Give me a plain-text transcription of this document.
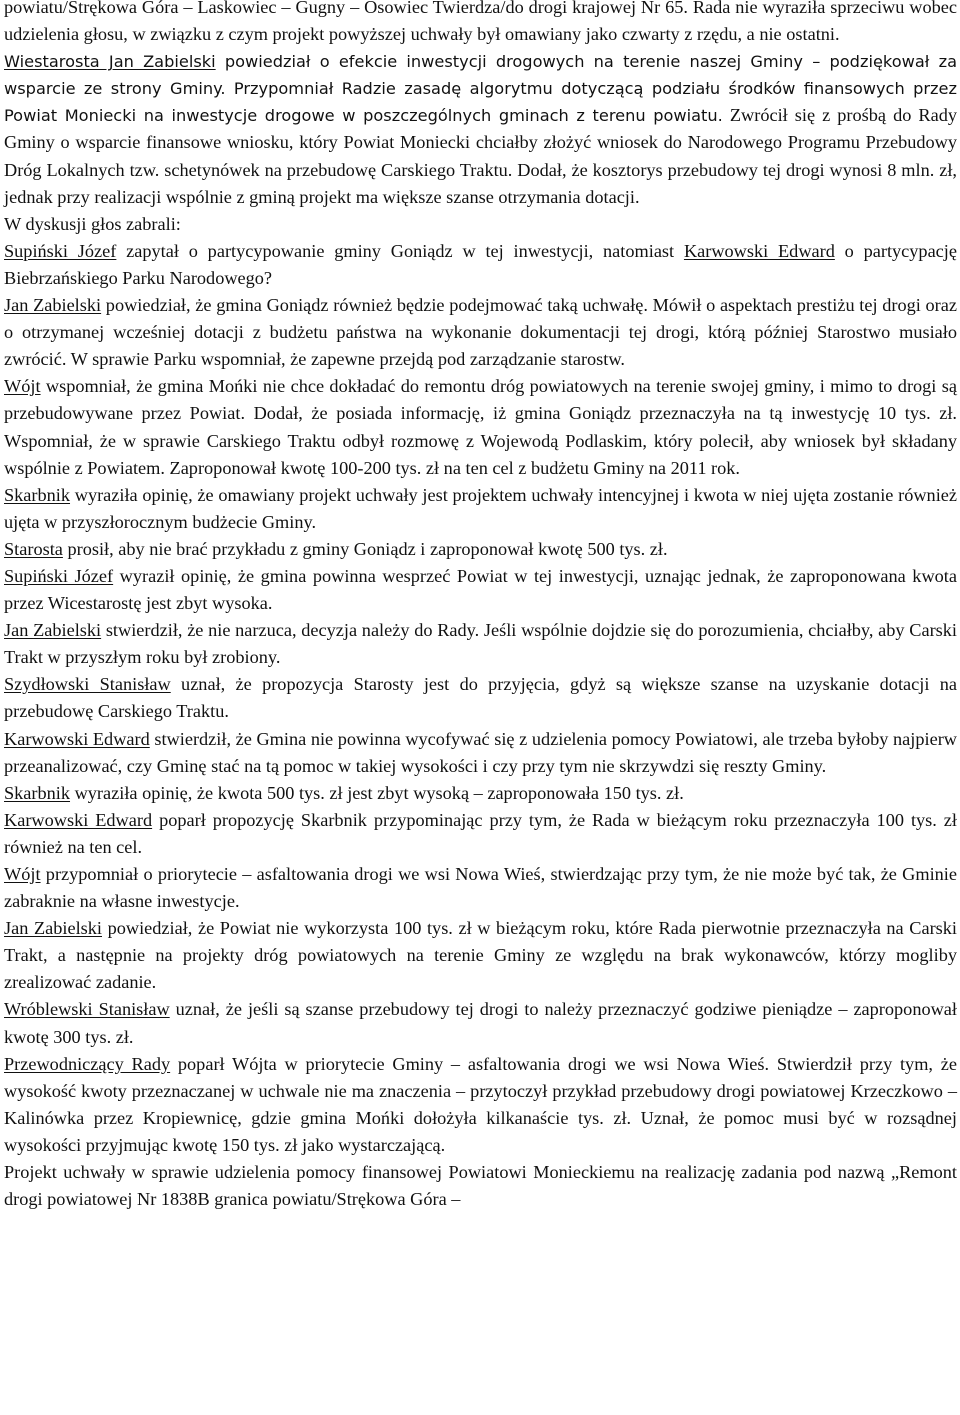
powiatu/Strękowa Góra – Laskowiec – Gugny – Osowiec Twierdza/do drogi krajowej Nr 65. Rada nie wyraziła sprzeciwu wobec udzielenia głosu, w związku z czym projekt powyższej uchwały był omawiany jako czwarty z rzędu, a nie ostatni.

Wiestarosta Jan Zabielski powiedział o efekcie inwestycji drogowych na terenie naszej Gminy – podziękował za wsparcie ze strony Gminy. Przypomniał Radzie zasadę algorytmu dotyczącą podziału środków finansowych przez Powiat Moniecki na inwestycje drogowe w poszczególnych gminach z terenu powiatu. Zwrócił się z prośbą do Rady Gminy o wsparcie finansowe wniosku, który Powiat Moniecki chciałby złożyć wniosek do Narodowego Programu Przebudowy Dróg Lokalnych tzw. schetynówek na przebudowę Carskiego Traktu. Dodał, że kosztorys przebudowy tej drogi wynosi 8 mln. zł, jednak przy realizacji wspólnie z gminą projekt ma większe szanse otrzymania dotacji.

W dyskusji głos zabrali:

Supiński Józef zapytał o partycypowanie gminy Goniądz w tej inwestycji, natomiast Karwowski Edward o partycypację Biebrzańskiego Parku Narodowego?

Jan Zabielski powiedział, że gmina Goniądz również będzie podejmować taką uchwałę. Mówił o aspektach prestiżu tej drogi oraz o otrzymanej wcześniej dotacji z budżetu państwa na wykonanie dokumentacji tej drogi, którą później Starostwo musiało zwrócić. W sprawie Parku wspomniał, że zapewne przejdą pod zarządzanie starostw.

Wójt wspomniał, że gmina Mońki nie chce dokładać do remontu dróg powiatowych na terenie swojej gminy, i mimo to drogi są przebudowywane przez Powiat. Dodał, że posiada informację, iż gmina Goniądz przeznaczyła na tą inwestycję 10 tys. zł. Wspomniał, że w sprawie Carskiego Traktu odbył rozmowę z Wojewodą Podlaskim, który polecił, aby wniosek był składany wspólnie z Powiatem. Zaproponował kwotę 100-200 tys. zł na ten cel z budżetu Gminy na 2011 rok.

Skarbnik wyraziła opinię, że omawiany projekt uchwały jest projektem uchwały intencyjnej i kwota w niej ujęta zostanie również ujęta w przyszłorocznym budżecie Gminy.

Starosta prosił, aby nie brać przykładu z gminy Goniądz i zaproponował kwotę 500 tys. zł.

Supiński Józef wyraził opinię, że gmina powinna wesprzeć Powiat w tej inwestycji, uznając jednak, że zaproponowana kwota przez Wicestarostę jest zbyt wysoka.

Jan Zabielski stwierdził, że nie narzuca, decyzja należy do Rady. Jeśli wspólnie dojdzie się do porozumienia, chciałby, aby Carski Trakt w przyszłym roku był zrobiony.

Szydłowski Stanisław uznał, że propozycja Starosty jest do przyjęcia, gdyż są większe szanse na uzyskanie dotacji na przebudowę Carskiego Traktu.

Karwowski Edward stwierdził, że Gmina nie powinna wycofywać się z udzielenia pomocy Powiatowi, ale trzeba byłoby najpierw przeanalizować, czy Gminę stać na tą pomoc w takiej wysokości i czy przy tym nie skrzywdzi się reszty Gminy.

Skarbnik wyraziła opinię, że kwota 500 tys. zł jest zbyt wysoką – zaproponowała 150 tys. zł.

Karwowski Edward poparł propozycję Skarbnik przypominając przy tym, że Rada w bieżącym roku przeznaczyła 100 tys. zł również na ten cel.

Wójt przypomniał o priorytecie – asfaltowania drogi we wsi Nowa Wieś, stwierdzając przy tym, że nie może być tak, że Gminie zabraknie na własne inwestycje.

Jan Zabielski powiedział, że Powiat nie wykorzysta 100 tys. zł w bieżącym roku, które Rada pierwotnie przeznaczyła na Carski Trakt, a następnie na projekty dróg powiatowych na terenie Gminy ze względu na brak wykonawców, którzy mogliby zrealizować zadanie.

Wróblewski Stanisław uznał, że jeśli są szanse przebudowy tej drogi to należy przeznaczyć godziwe pieniądze – zaproponował kwotę 300 tys. zł.

Przewodniczący Rady poparł Wójta w priorytecie Gminy – asfaltowania drogi we wsi Nowa Wieś. Stwierdził przy tym, że wysokość kwoty przeznaczanej w uchwale nie ma znaczenia – przytoczył przykład przebudowy drogi powiatowej Krzeczkowo – Kalinówka przez Kropiewnicę, gdzie gmina Mońki dołożyła kilkanaście tys. zł. Uznał, że pomoc musi być w rozsądnej wysokości przyjmując kwotę 150 tys. zł jako wystarczającą.

Projekt uchwały w sprawie udzielenia pomocy finansowej Powiatowi Monieckiemu na realizację zadania pod nazwą „Remont drogi powiatowej Nr 1838B granica powiatu/Strękowa Góra –
